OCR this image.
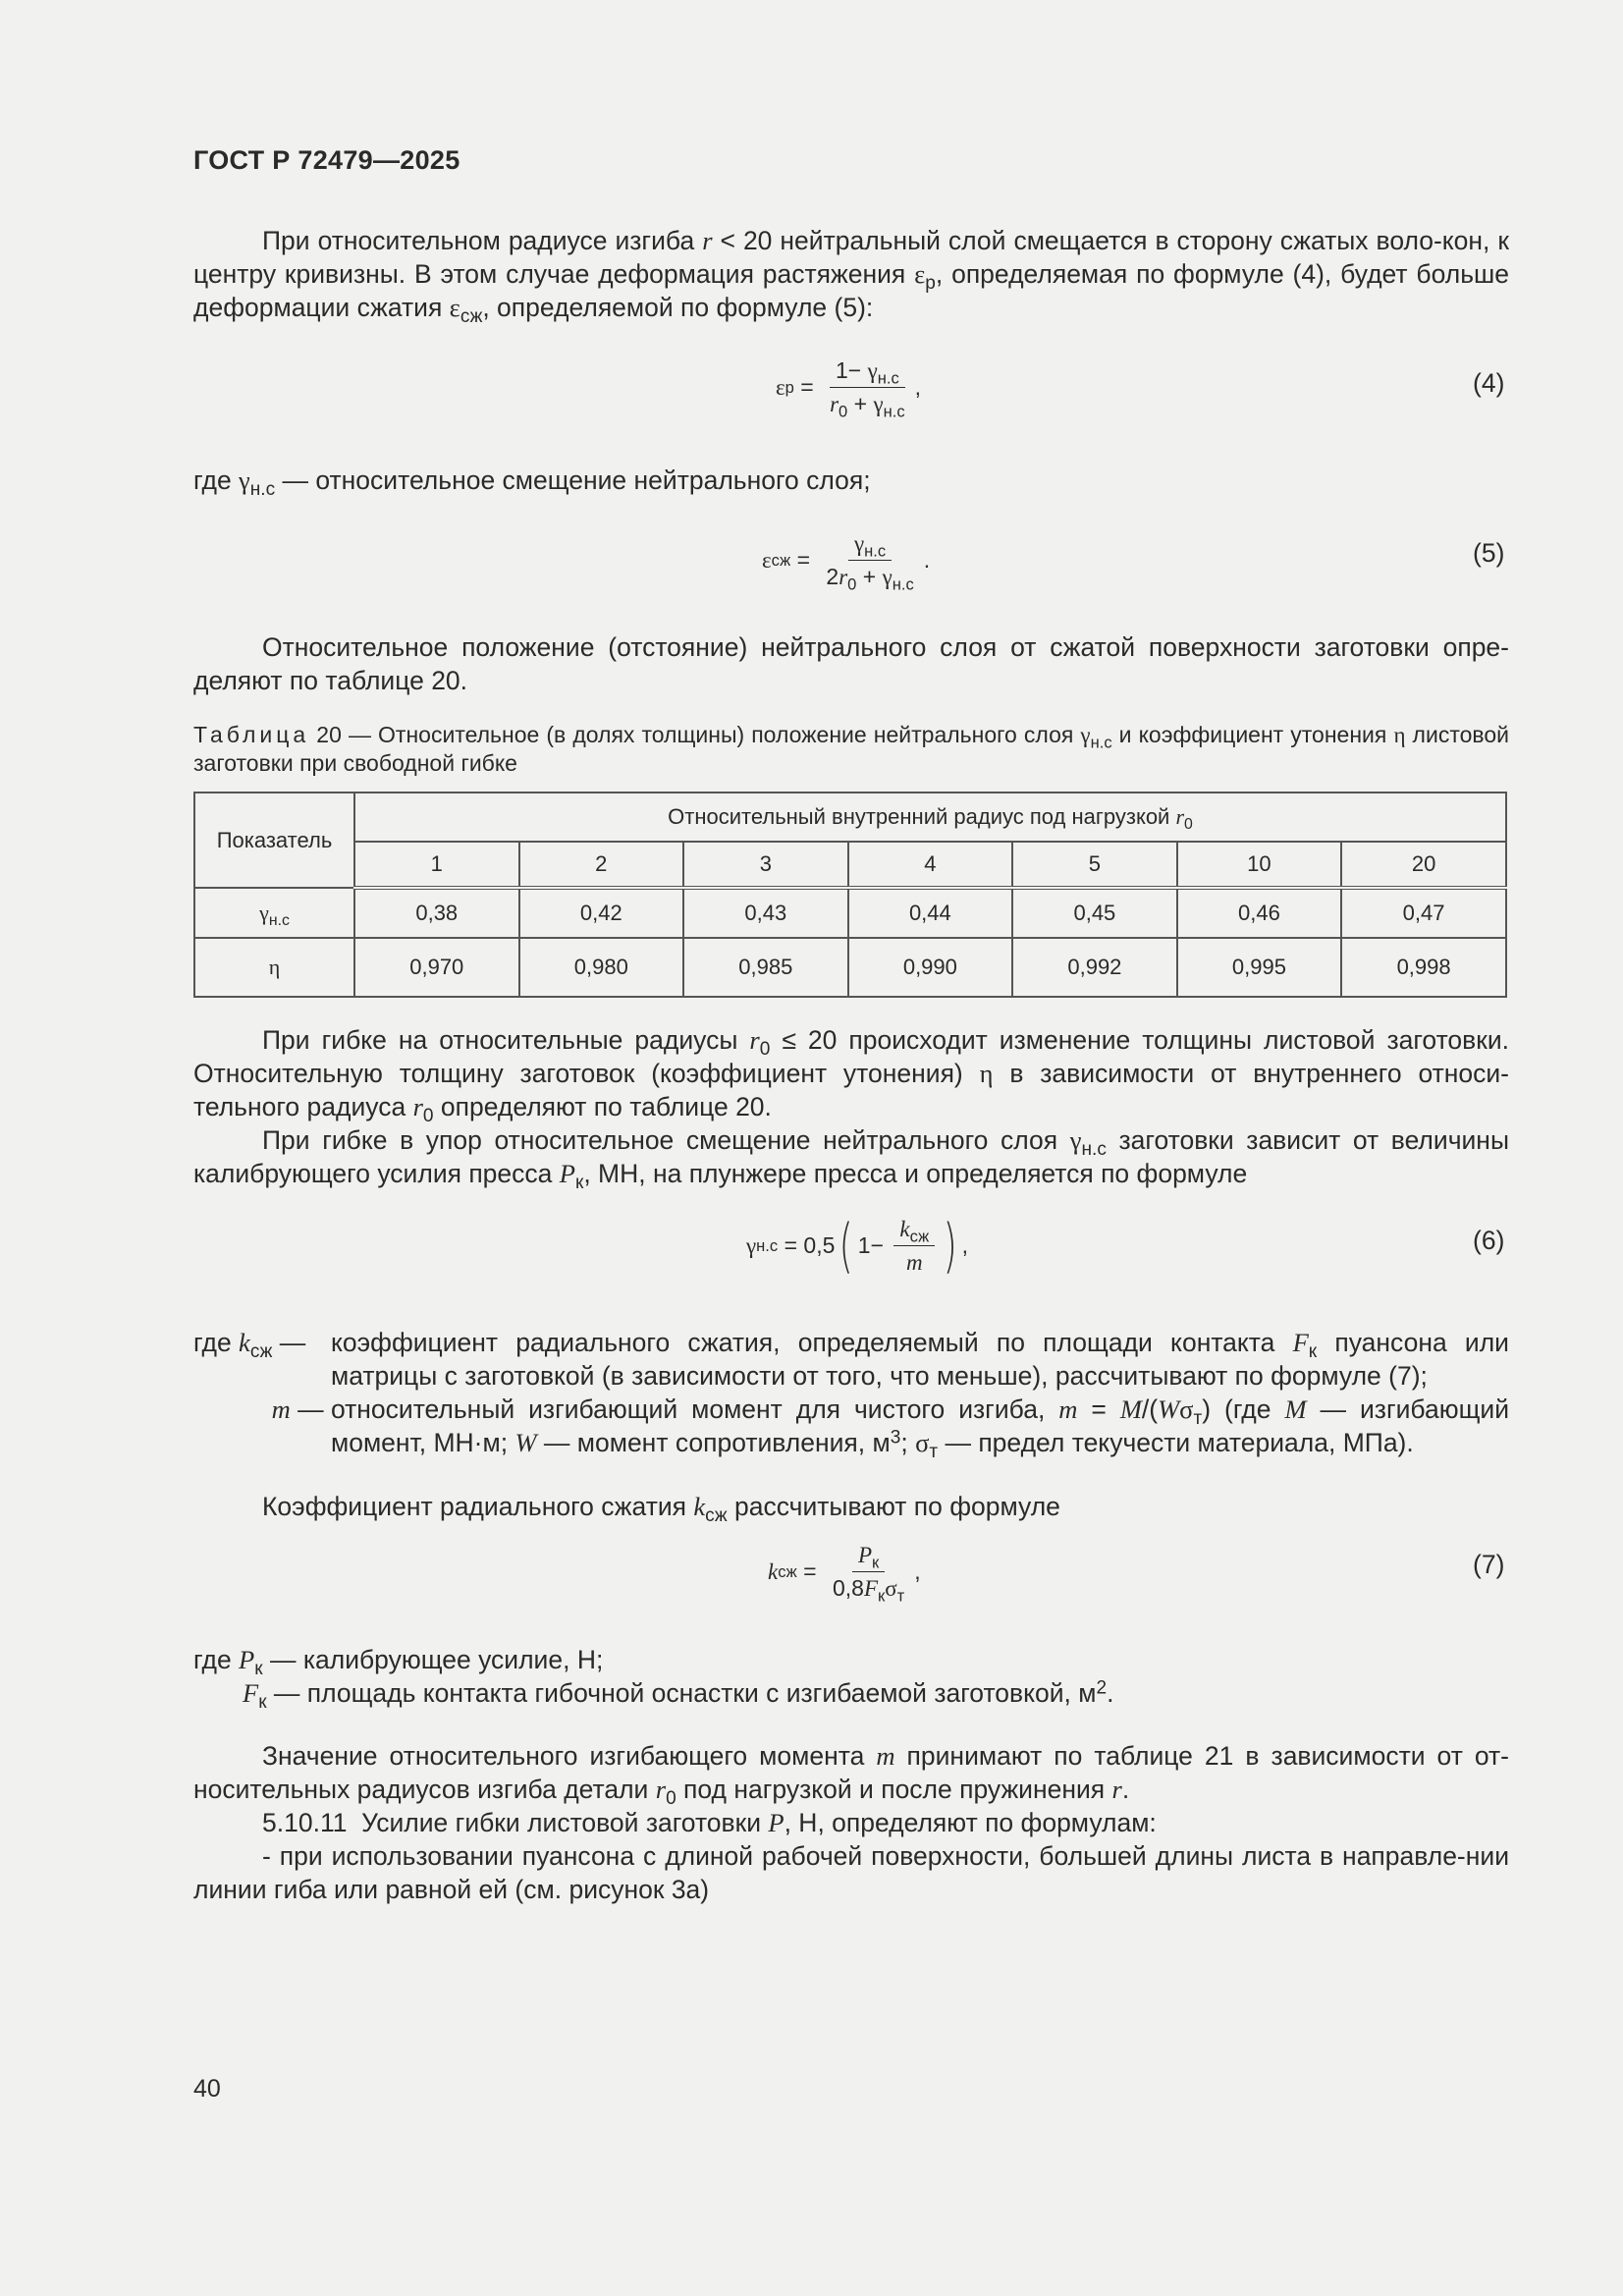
ГОСТ Р 72479—2025

При относительном радиусе изгиба r < 20 нейтральный слой смещается в сторону сжатых воло-кон, к центру кривизны. В этом случае деформация растяжения $\varepsilon_р$, определяемая по формуле (4), будет больше деформации сжатия $\varepsilon_{сж}$, определяемой по формуле (5):

ε $р = \frac{1- \gamma_{н.с}}{r_0 + \gamma_{н.с}}$ ,	(4)

где $\gamma_{н.с}$ — относительное смещение нейтрального слоя;

ε сж = $\frac{\gamma_{н.с}}{2r_0 + \gamma_{н.с}}$ .	(5)

Относительное положение (отстояние) нейтрального слоя от сжатой поверхности заготовки опре-деляют по таблице 20.

Таблица 20 — Относительное (в долях толщины) положение нейтрального слоя $\gamma_{н.с}$ и коэффициент утонения η листовой заготовки при свободной гибке
Показатель	Относительный внутренний радиус под нагрузкой $r_0$
	1	2	3	4	5	10	20
$\gamma_{н.с}$	0,38	0,42	0,43	0,44	0,45	0,46	0,47
η	0,970	0,980	0,985	0,990	0,992	0,995	0,998

При гибке на относительные радиусы $r_0 \le 20$ происходит изменение толщины листовой заготовки. Относительную толщину заготовок (коэффициент утонения) η в зависимости от внутреннего относи-тельного радиуса $r_0$ определяют по таблице 20.

При гибке в упор относительное смещение нейтрального слоя $\gamma_{н.с}$ заготовки зависит от величины калибрующего усилия пресса $P_к$, МН, на плунжере пресса и определяется по формуле

γ н.с = 0,5 ( $1- \frac{k_{сж}}{m}$ ) ,	(6)
где $k_{сж}$ — коэффициент радиального сжатия, определяемый по площади контакта $F_к$ пуансона или матрицы с заготовкой (в зависимости от того, что меньше), рассчитывают по формуле (7);
m — относительный изгибающий момент для чистого изгиба, $m = M/(W\sigma_т)$ (где M — изгибающий момент, МН·м; W — момент сопротивления, $м^3$; $\sigma_т$ — предел текучести материала, МПа).

Коэффициент радиального сжатия $k_{сж}$ рассчитывают по формуле

k сж = $\frac{P_к}{0,8F_к\sigma_т}$ ,	(7)
где $P_к$ — калибрующее усилие, Н;
$F_к$ — площадь контакта гибочной оснастки с изгибаемой заготовкой, $м^2$.

Значение относительного изгибающего момента m принимают по таблице 21 в зависимости от от-носительных радиусов изгиба детали $r_0$ под нагрузкой и после пружинения r.

5.10.11  Усилие гибки листовой заготовки P, Н, определяют по формулам:

- при использовании пуансона с длиной рабочей поверхности, большей длины листа в направле-нии линии гиба или равной ей (см. рисунок 3а)

40
